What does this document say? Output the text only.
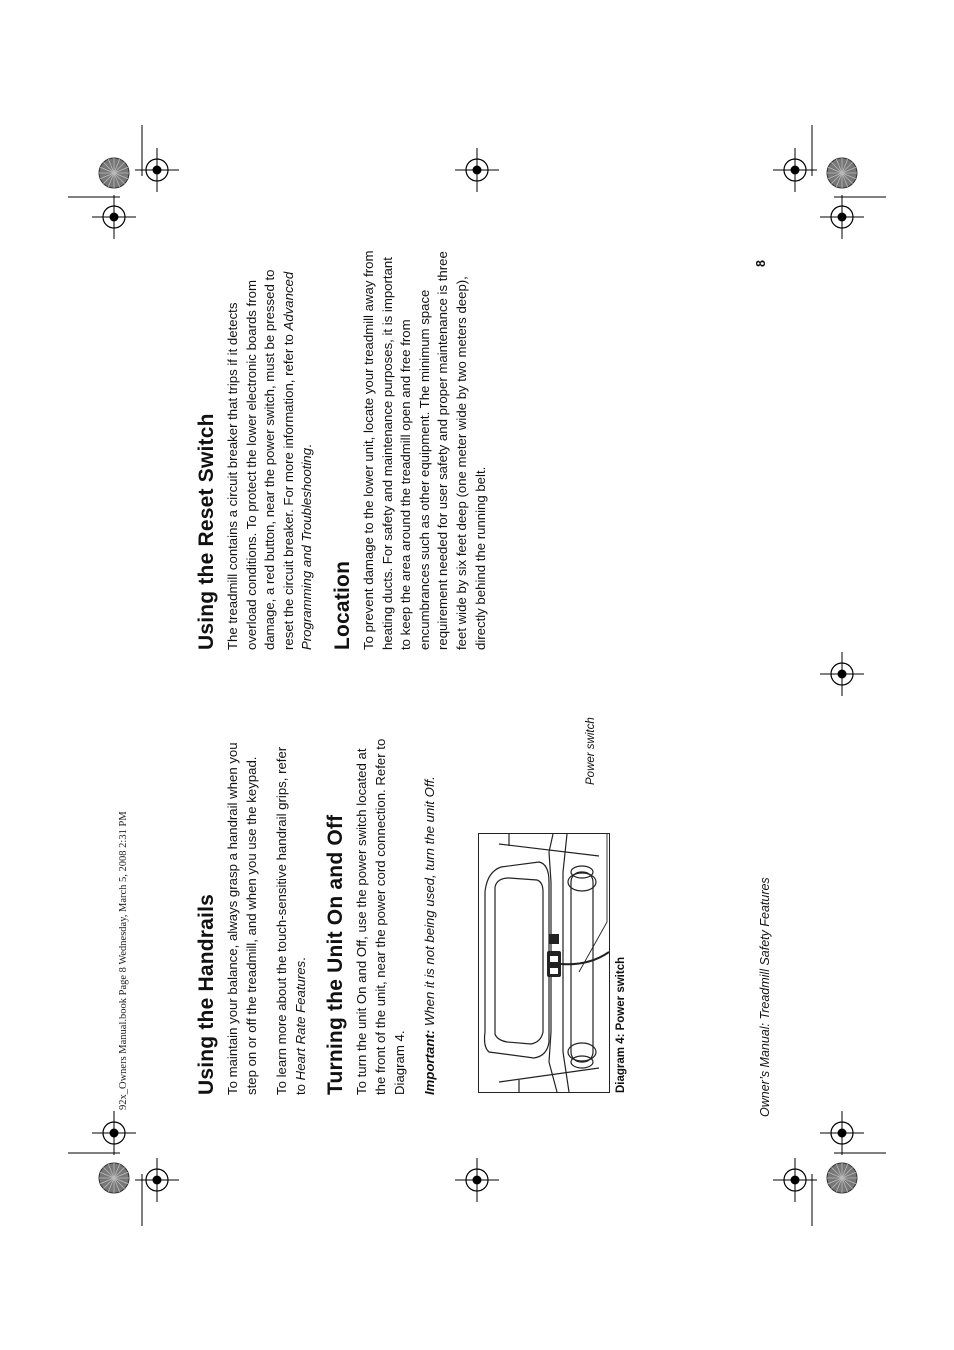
92x_Owners Manual.book Page 8 Wednesday, March 5, 2008 2:31 PM	Using the Handrails To maintain your balance, always grasp a handrail when you step on or off the treadmill, and when you use the keypad. To learn more about the touch-sensitive handrail grips, refer to Heart Rate Features. Turning the Unit On and Off To turn the unit On and Off, use the power switch located at the front of the unit, near the power cord connection. Refer to Diagram 4. Important: When it is not being used, turn the unit Off.	Diagram 4: Power switch
Power switch
Using the Reset Switch The treadmill contains a circuit breaker that trips if it detects overload conditions. To protect the lower electronic boards from damage, a red button, near the power switch, must be pressed to reset the circuit breaker. For more information, refer to Advanced Programming and Troubleshooting.

Location To prevent damage to the lower unit, locate your treadmill away from heating ducts. For safety and maintenance purposes, it is important to keep the area around the treadmill open and free from encumbrances such as other equipment. The minimum space requirement needed for user safety and proper maintenance is three feet wide by six feet deep (one meter wide by two meters deep), directly behind the running belt.

Owner’s Manual: Treadmill Safety Features
8
